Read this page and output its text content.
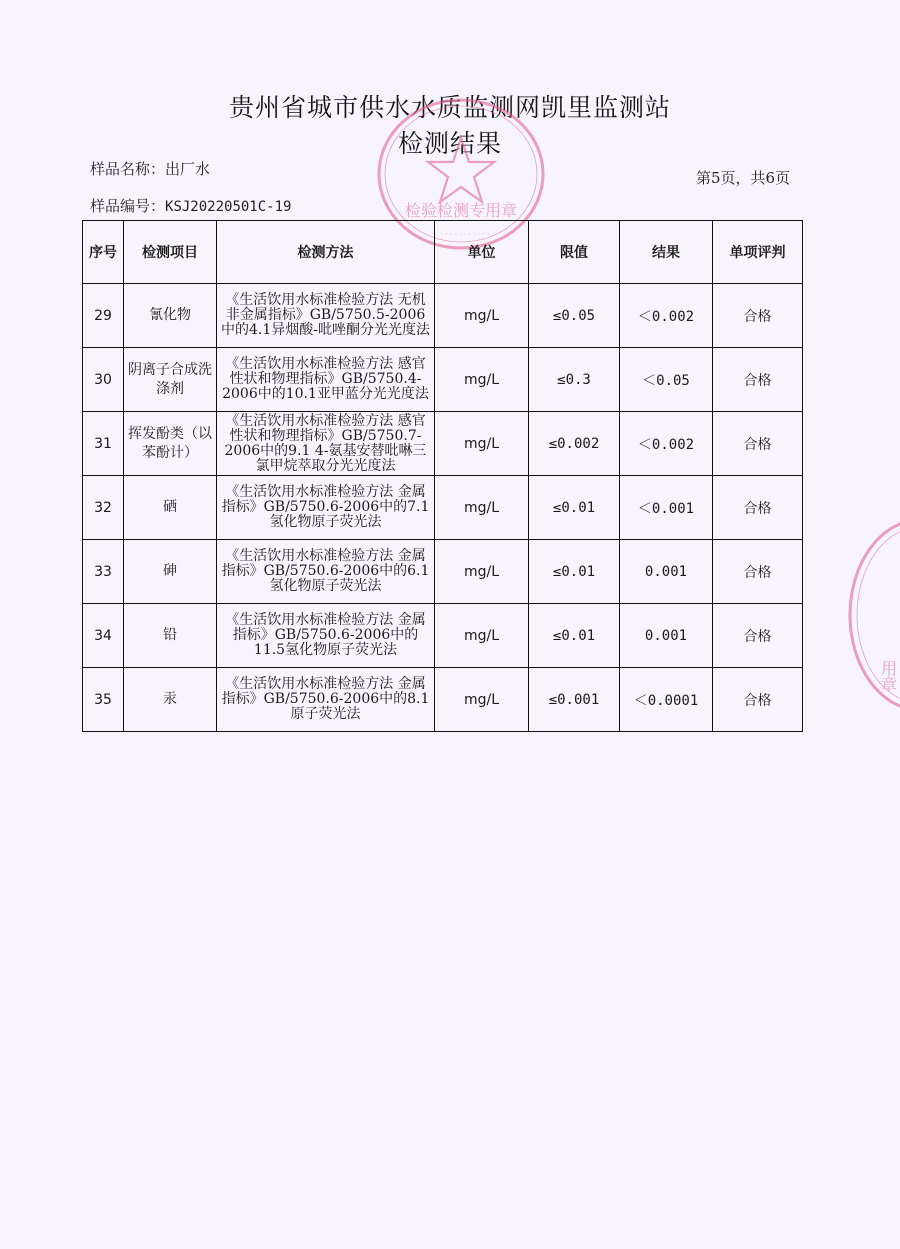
贵州省城市供水水质监测网凯里监测站
检测结果
样品名称：出厂水
样品编号：KSJ20220501C-19
第5页，共6页
检验检测专用章
·············
用章
序号	检测项目	检测方法	单位	限值	结果	单项评判
29	氰化物	《生活饮用水标准检验方法 无机非金属指标》GB/5750.5-2006中的4.1异烟酸-吡唑酮分光光度法	mg/L	≤0.05	＜0.002	合格
30	阴离子合成洗涤剂	《生活饮用水标准检验方法 感官性状和物理指标》GB/5750.4-2006中的10.1亚甲蓝分光光度法	mg/L	≤0.3	＜0.05	合格
31	挥发酚类（以苯酚计）	《生活饮用水标准检验方法 感官性状和物理指标》GB/5750.7-2006中的9.1 4-氨基安替吡啉三氯甲烷萃取分光光度法	mg/L	≤0.002	＜0.002	合格
32	硒	《生活饮用水标准检验方法 金属指标》GB/5750.6-2006中的7.1氢化物原子荧光法	mg/L	≤0.01	＜0.001	合格
33	砷	《生活饮用水标准检验方法 金属指标》GB/5750.6-2006中的6.1氢化物原子荧光法	mg/L	≤0.01	0.001	合格
34	铅	《生活饮用水标准检验方法 金属指标》GB/5750.6-2006中的11.5氢化物原子荧光法	mg/L	≤0.01	0.001	合格
35	汞	《生活饮用水标准检验方法 金属指标》GB/5750.6-2006中的8.1原子荧光法	mg/L	≤0.001	＜0.0001	合格
